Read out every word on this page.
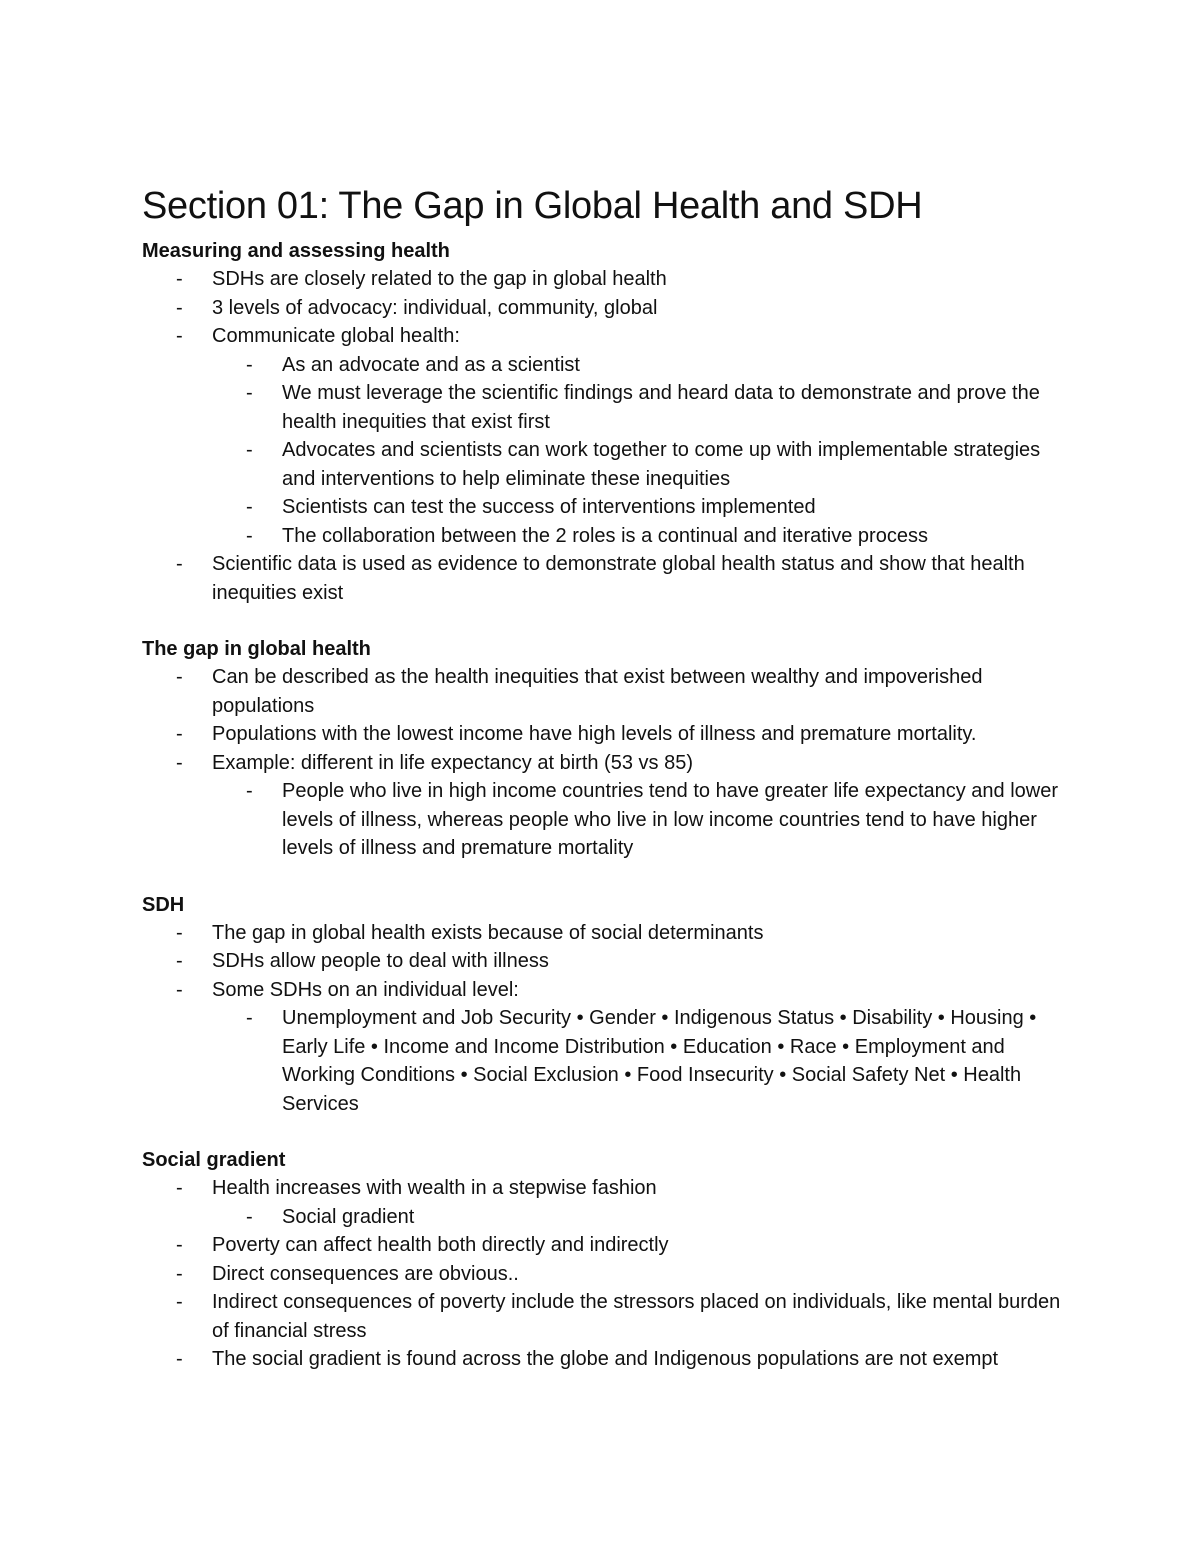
Section 01: The Gap in Global Health and SDH

Measuring and assessing health

- SDHs are closely related to the gap in global health
- 3 levels of advocacy: individual, community, global
- Communicate global health:
- As an advocate and as a scientist
- We must leverage the scientific findings and heard data to demonstrate and prove the health inequities that exist first
- Advocates and scientists can work together to come up with implementable strategies and interventions to help eliminate these inequities
- Scientists can test the success of interventions implemented
- The collaboration between the 2 roles is a continual and iterative process
- Scientific data is used as evidence to demonstrate global health status and show that health inequities exist

The gap in global health

- Can be described as the health inequities that exist between wealthy and impoverished populations
- Populations with the lowest income have high levels of illness and premature mortality.
- Example: different in life expectancy at birth (53 vs 85)
- People who live in high income countries tend to have greater life expectancy and lower levels of illness, whereas people who live in low income countries tend to have higher levels of illness and premature mortality

SDH

- The gap in global health exists because of social determinants
- SDHs allow people to deal with illness
- Some SDHs on an individual level:
- Unemployment and Job Security • Gender • Indigenous Status • Disability • Housing • Early Life • Income and Income Distribution • Education • Race • Employment and Working Conditions • Social Exclusion • Food Insecurity • Social Safety Net • Health Services

Social gradient

- Health increases with wealth in a stepwise fashion
- Social gradient
- Poverty can affect health both directly and indirectly
- Direct consequences are obvious..
- Indirect consequences of poverty include the stressors placed on individuals, like mental burden of financial stress
- The social gradient is found across the globe and Indigenous populations are not exempt
